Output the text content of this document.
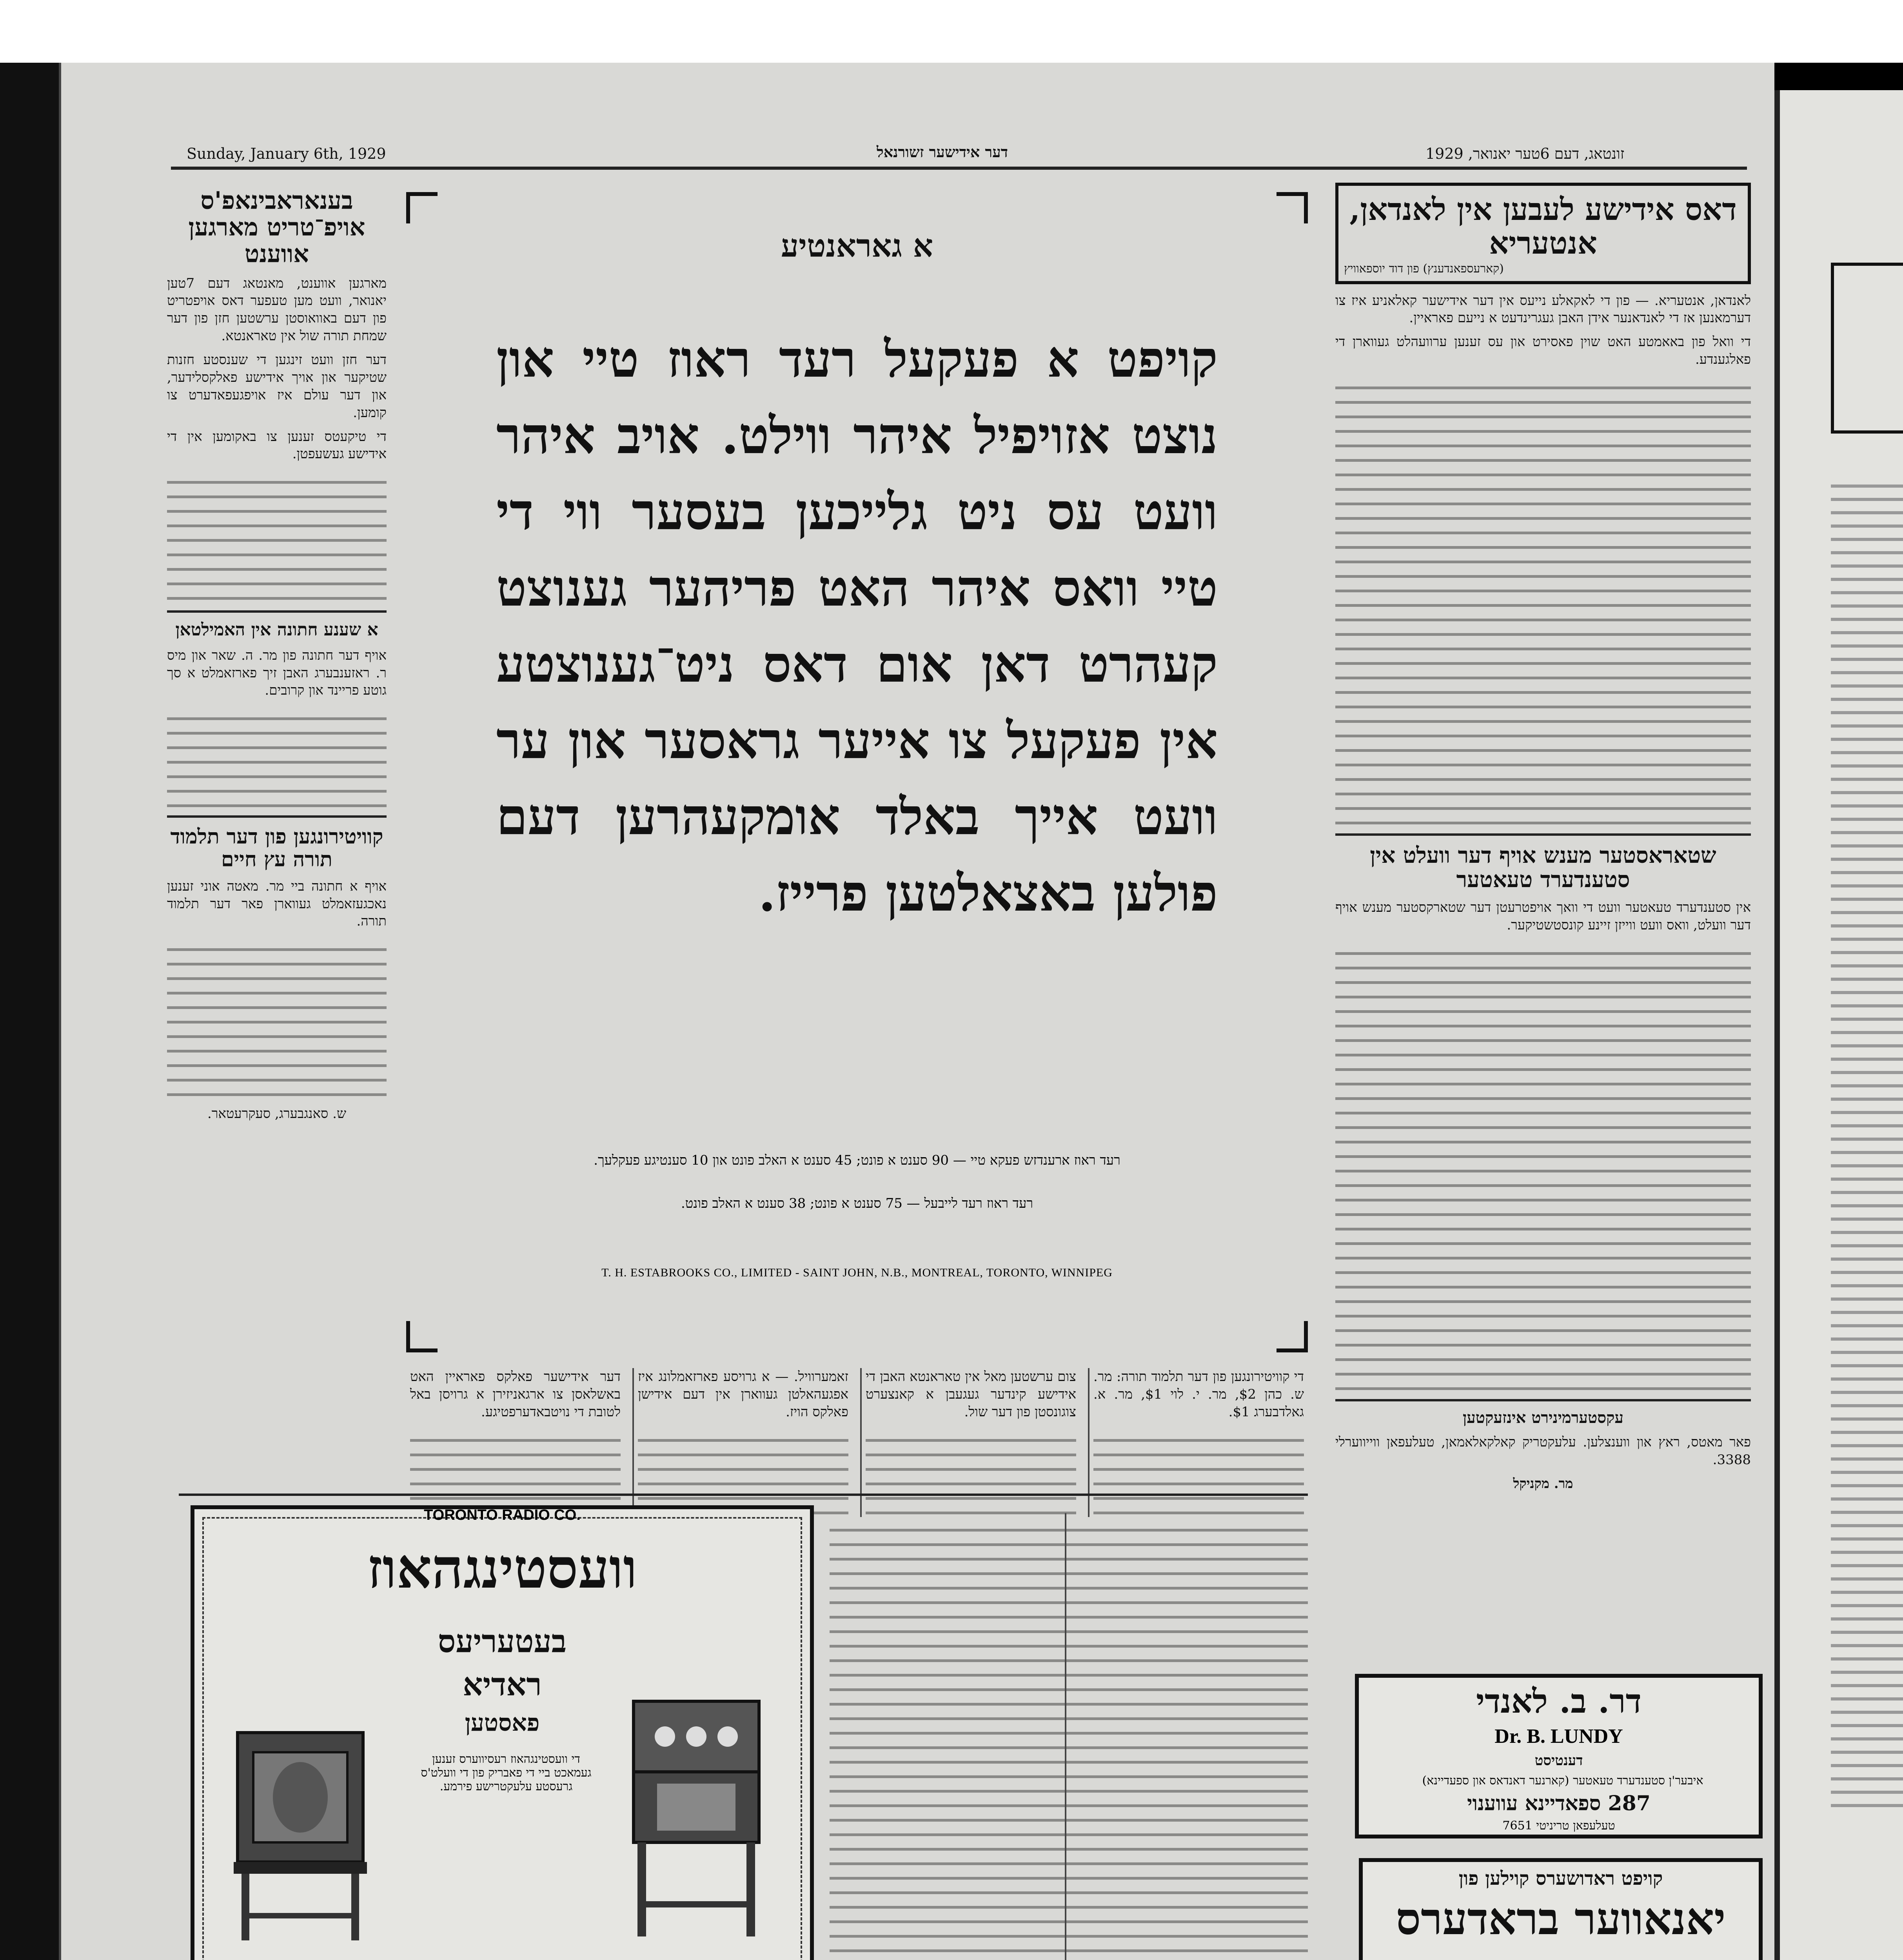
Sunday, January 6th, 1929	דער אידישער זשורנאל	זונטאג, דעם 6טער יאנואר, 1929
בענאראבינאפ'ס אויפ־טריט מארגען אווענט

מארגען אווענט, מאנטאג דעם 7טען יאנואר, וועט מען טעפער דאס אויפטריט פון דעם באוואוסטן ערשטען חזן פון דער שמחת תורה שול אין טאראנטא.

דער חזן וועט זינגען די שענסטע חזנות שטיקער און אויך אידישע פאלקסלידער, און דער עולם איז אויפגעפאדערט צו קומען.

די טיקעטס זענען צו באקומען אין די אידישע געשעפטן.

א שענע חתונה אין האמילטאן

אויף דער חתונה פון מר. ה. שאר און מיס ר. ראזענבערג האבן זיך פארזאמלט א סך גוטע פריינד און קרובים.

קוויטירונגען פון דער תלמוד תורה עץ חיים

אויף א חתונה ביי מר. מאטה אוני זענען נאכגעזאמלט געווארן פאר דער תלמוד תורה.

ש. סאנגבערג, סעקרעטאר.

א גאראנטיע
קויפט א פעקעל רעד ראוז טיי און נוצט אזויפיל איהר ווילט. אויב איהר וועט עס ניט גלייכען בעסער ווי די טיי וואס איהר האט פריהער גענוצט קעהרט דאן אום דאס ניט־גענוצטע אין פעקעל צו אייער גראסער און ער וועט אייך באלד אומקעהרען דעם פולען באצאלטען פרייז.
רעד ראוז ארענדזש פעקא טיי — 90 סענט א פונט; 45 סענט א האלב פונט און 10 סענטיגע פעקלעך.
רעד ראוז רעד לייבעל — 75 סענט א פונט; 38 סענט א האלב פונט.
T. H. ESTABROOKS CO., LIMITED - SAINT JOHN, N.B., MONTREAL, TORONTO, WINNIPEG
דאס אידישע לעבען אין לאנדאן, אנטעריא
(קארעספאנדענץ) פון דוד יוספאוויץ

לאנדאן, אנטעריא. — פון די לאקאלע נייעס אין דער אידישער קאלאניע איז צו דערמאנען אז די לאנדאנער אידן האבן געגרינדעט א נייעם פאראיין.

די וואל פון באאמטע האט שוין פאסירט און עס זענען ערוועהלט געווארן די פאלגענדע.

שטאראסטער מענש אויף דער וועלט אין סטענדערד טעאטער

אין סטענדערד טעאטער וועט די וואך אויפטרעטן דער שטארקסטער מענש אויף דער וועלט, וואס וועט ווייזן זיינע קונסטשטיקער.

עקסטערמינירט אינזעקטען

פאר מאטס, ראץ און ווענצלען. עלעקטריק קאלקאלאמאן, טעלעפאן ווייווערלי 3388.

מר. מקניקל

די קוויטירונגען פון דער תלמוד תורה: מר. ש. כהן $2, מר. י. לוי $1, מר. א. גאלדבערג $1.

צום ערשטען מאל אין טאראנטא האבן די אידישע קינדער געגעבן א קאנצערט צוגונסטן פון דער שול.

זאמערוויל. — א גרויסע פארזאמלונג איז אפגעהאלטן געווארן אין דעם אידישן פאלקס הויז.

דער אידישער פאלקס פאראיין האט באשלאסן צו ארגאניזירן א גרויסן באל לטובת די נויטבאדערפטיגע.

TORONTO RADIO CO.
וועסטינגהאוז
בעטעריעס
ראדיא
פאסטען
די וועסטינגהאוז רעסיווערס זענען געמאכט ביי די פאבריק פון די וועלט'ס גרעסטע עלעקטרישע פירמע.
דר. ב. לאנדי
Dr. B. LUNDY
דענטיסט
איבער'ן סטענדערד טעאטער (קארנער דאנדאס און ספעדיינא)
287 ספאדיינא עווענוי
טעלעפאן טריניטי 7651
קויפט ראדושערס קוילען פון
יאנאווער בראדערס
